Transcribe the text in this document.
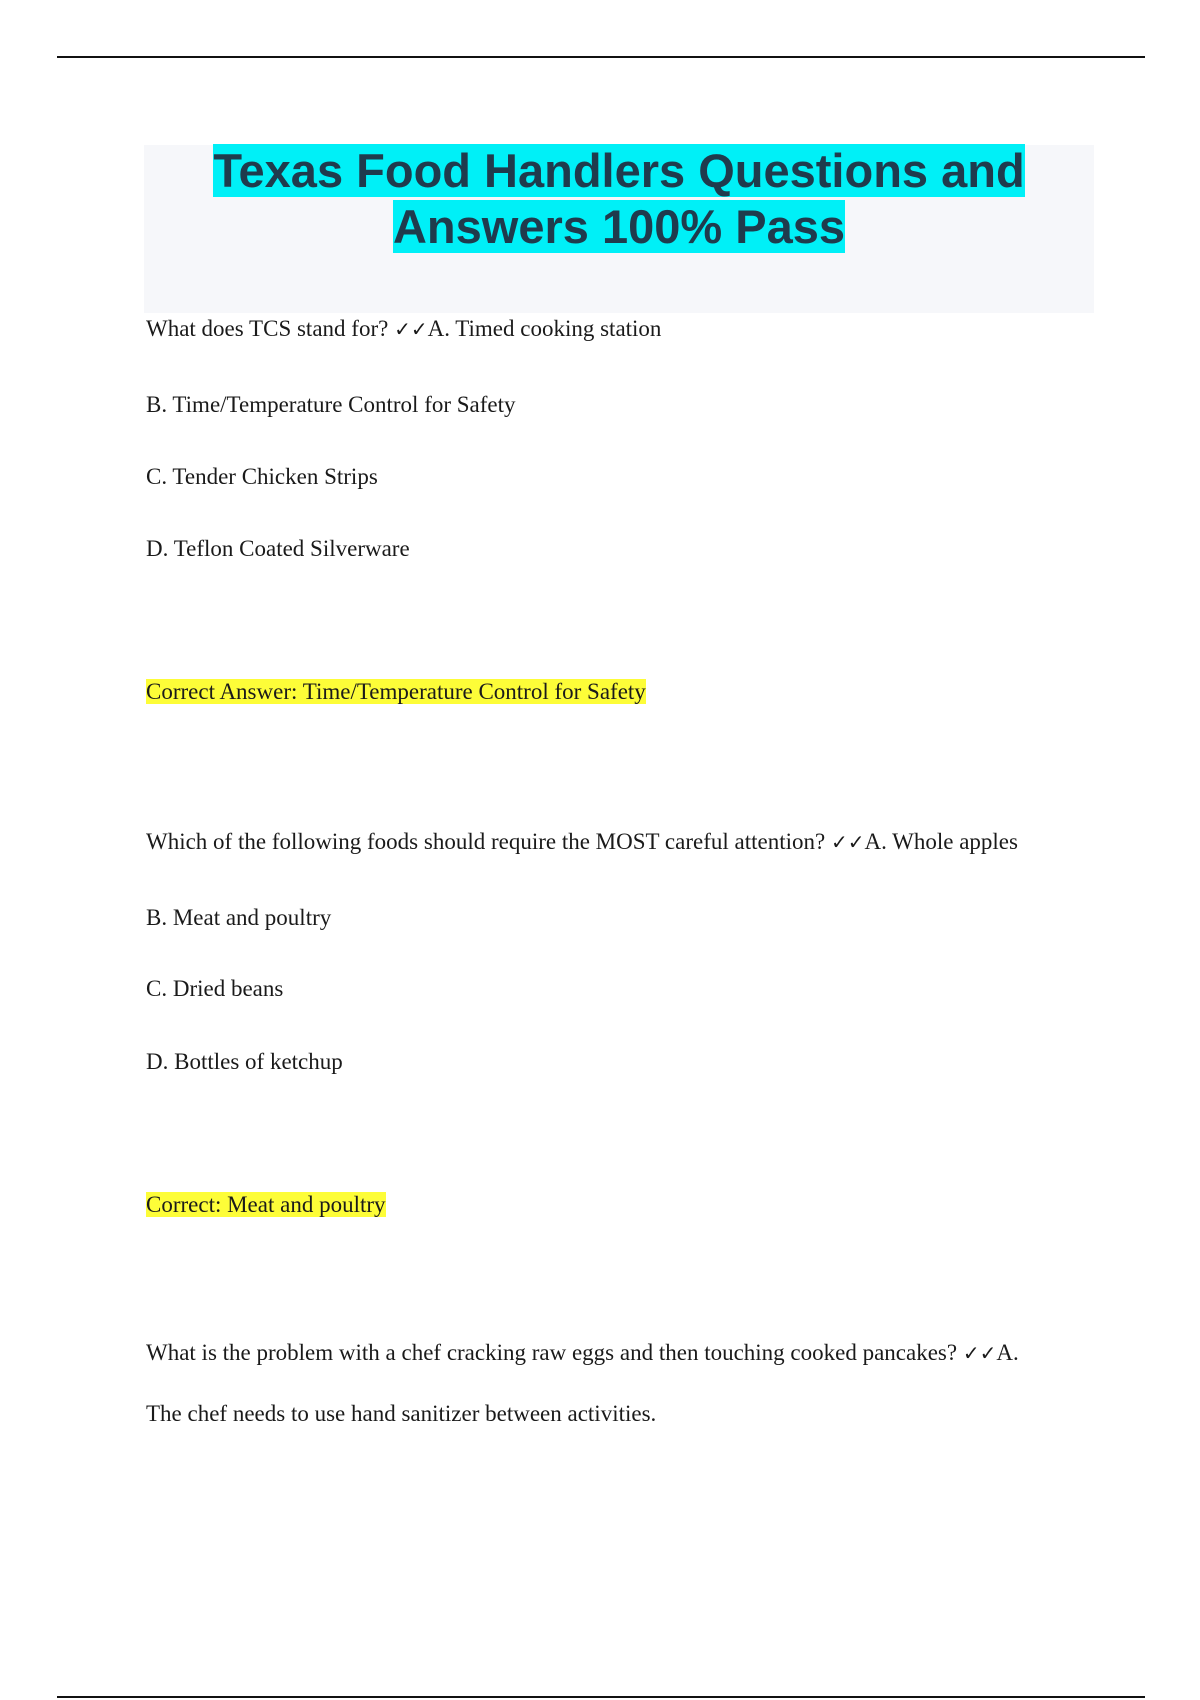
Texas Food Handlers Questions and
Answers 100% Pass

What does TCS stand for? ✓✓A. Timed cooking station

B. Time/Temperature Control for Safety

C. Tender Chicken Strips

D. Teflon Coated Silverware

Correct Answer: Time/Temperature Control for Safety

Which of the following foods should require the MOST careful attention? ✓✓A. Whole apples

B. Meat and poultry

C. Dried beans

D. Bottles of ketchup

Correct: Meat and poultry

What is the problem with a chef cracking raw eggs and then touching cooked pancakes? ✓✓A.

The chef needs to use hand sanitizer between activities.
